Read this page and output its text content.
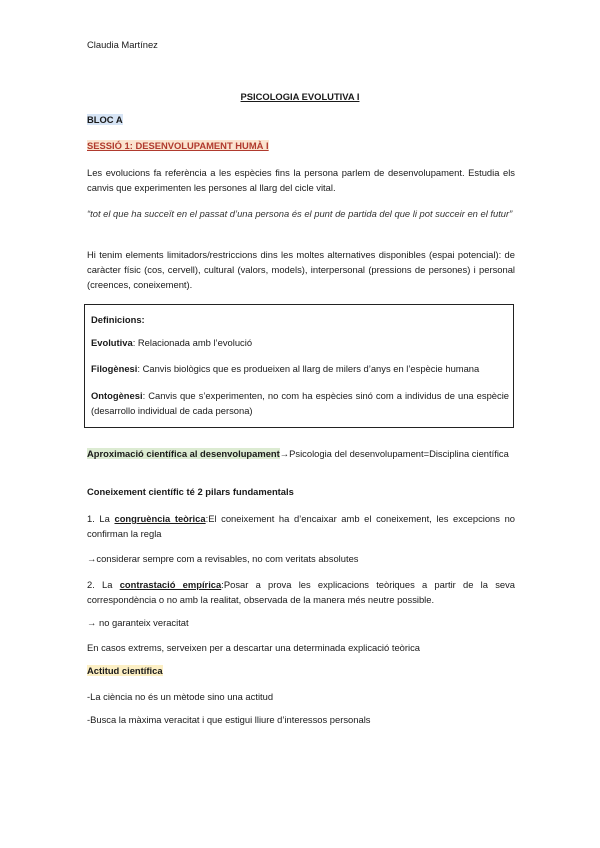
Claudia Martínez

PSICOLOGIA EVOLUTIVA I

BLOC A

SESSIÓ 1: DESENVOLUPAMENT HUMÀ I

Les evolucions fa referència a les espècies fins la persona parlem de desenvolupament. Estudia els canvis que experimenten les persones al llarg del cicle vital.

“tot el que ha succeït en el passat d’una persona és el punt de partida del que li pot succeir en el futur”

Hi tenim elements limitadors/restriccions dins les moltes alternatives disponibles (espai potencial): de caràcter físic (cos, cervell), cultural (valors, models), interpersonal (pressions de persones) i personal (creences, coneixement).

Definicions:

Evolutiva: Relacionada amb l’evolució

Filogènesi: Canvis biològics que es produeixen al llarg de milers d’anys en l’espècie humana

Ontogènesi: Canvis que s’experimenten, no com ha espècies sinó com a individus de una espècie (desarrollo individual de cada persona)

Aproximació científica al desenvolupament→Psicologia del desenvolupament=Disciplina científica

Coneixement científic té 2 pilars fundamentals

1. La congruència teòrica:El coneixement ha d’encaixar amb el coneixement, les excepcions no confirman la regla

→considerar sempre com a revisables, no com veritats absolutes

2. La contrastació empírica:Posar a prova les explicacions teòriques a partir de la seva correspondència o no amb la realitat, observada de la manera més neutre possible.

→ no garanteix veracitat

En casos extrems, serveixen per a descartar una determinada explicació teòrica

Actitud científica

-La ciència no és un mètode sino una actitud

-Busca la màxima veracitat i que estigui lliure d’interessos personals
